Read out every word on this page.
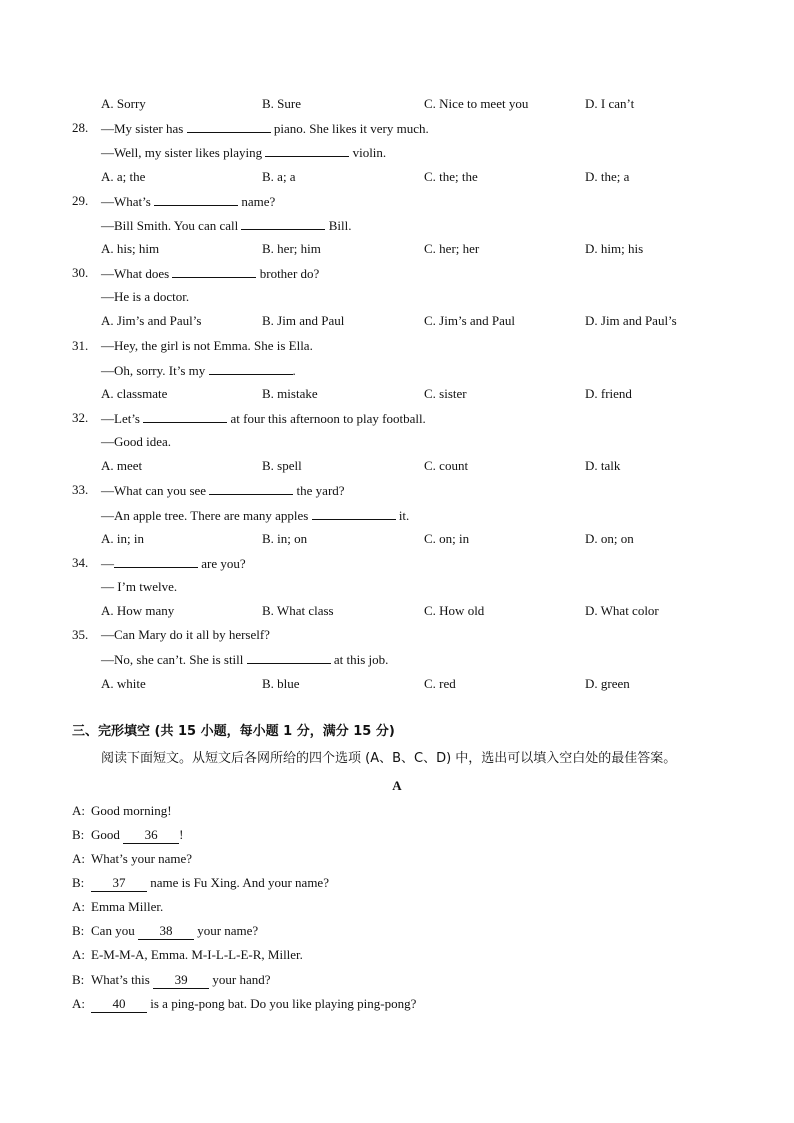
A. Sorry	B. Sure	C. Nice to meet you	D. I can’t
28. —My sister has	piano. She likes it very much.
—Well, my sister likes playing	violin.
A. a; the	B. a; a	C. the; the	D. the; a
29. —What’s	name?
—Bill Smith. You can call	Bill.
A. his; him	B. her; him	C. her; her	D. him; his
30. —What does	brother do?
—He is a doctor.
A. Jim’s and Paul’s	B. Jim and Paul	C. Jim’s and Paul	D. Jim and Paul’s
31. —Hey, the girl is not Emma. She is Ella.
—Oh, sorry. It’s my	.
A. classmate	B. mistake	C. sister	D. friend
32. —Let’s	at four this afternoon to play football.
—Good idea.
A. meet	B. spell	C. count	D. talk
33. —What can you see	the yard?
—An apple tree. There are many apples	it.
A. in; in	B. in; on	C. on; in	D. on; on
34. —	are you?
— I’m twelve.
A. How many	B. What class	C. How old	D. What color
35. —Can Mary do it all by herself?
—No, she can’t. She is still	at this job.
A. white	B. blue	C. red	D. green
三、完形填空 (共 15 小题，每小题 1 分，满分 15 分)
阅读下面短文。从短文后各网所给的四个选项 (A、B、C、D) 中，选出可以填入空白处的最佳答案。
A
A: Good morning!
B: Good 36 !
A: What’s your name?
B:	37 name is Fu Xing. And your name?
A: Emma Miller.
B: Can you 38 your name?
A: E-M-M-A, Emma. M-I-L-L-E-R, Miller.
B: What’s this 39 your hand?
A:	40 is a ping-pong bat. Do you like playing ping-pong?
